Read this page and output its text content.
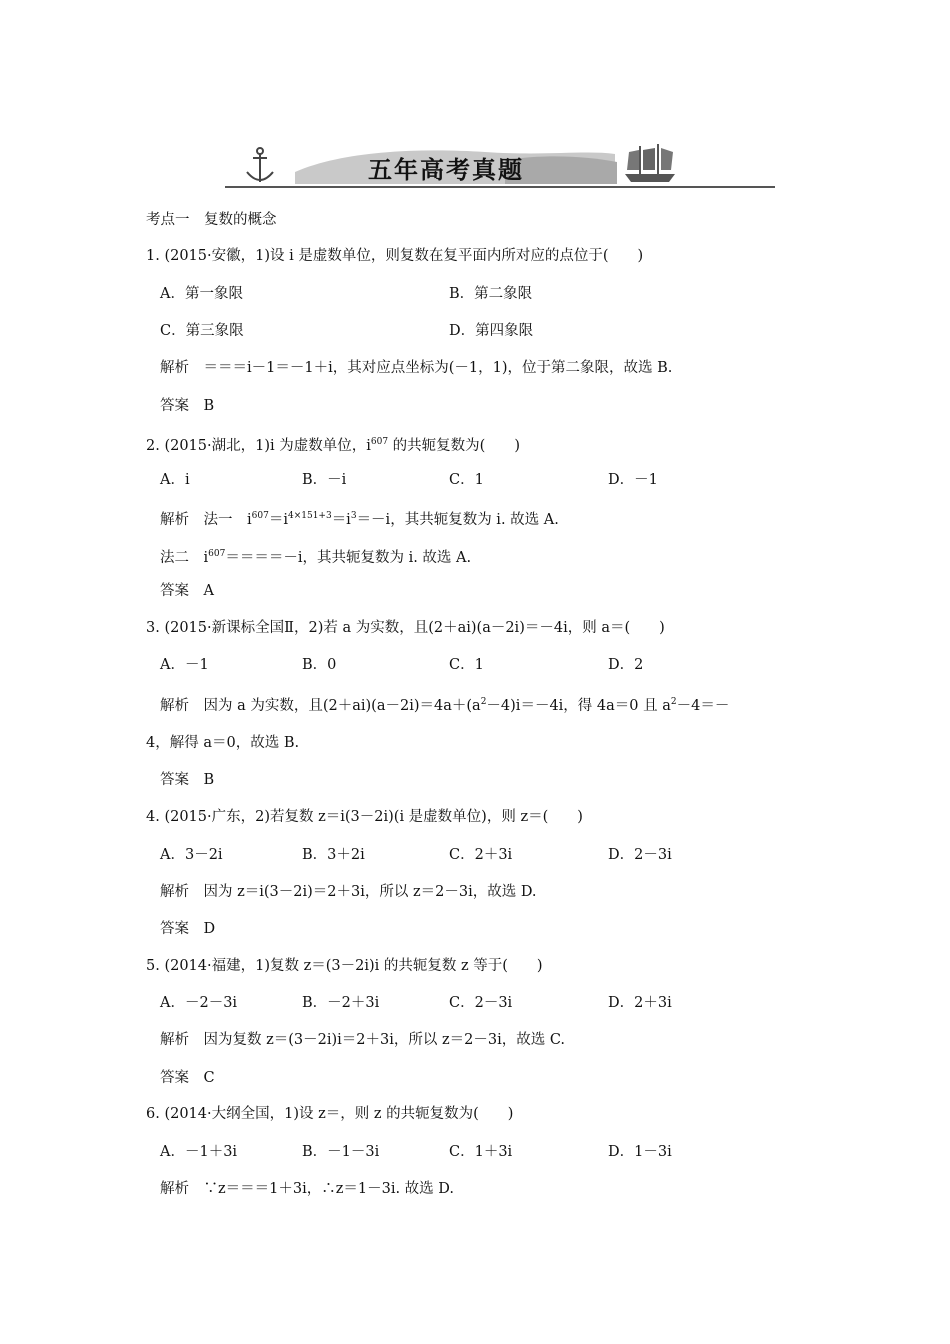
五年高考真题
考点一　复数的概念
1. (2015·安徽，1)设 i 是虚数单位，则复数在复平面内所对应的点位于(　　)
A．第一象限	B．第二象限
C．第三象限	D．第四象限
解析　＝＝＝i－1＝－1＋i，其对应点坐标为(－1，1)，位于第二象限，故选 B.
答案　B
2. (2015·湖北，1)i 为虚数单位，$i^{607}$ 的共轭复数为(　　)
A．i	B．－i	C．1	D．－1
解析　法一　$i^{607}=i^{4\times 151+3}=i^3=-i$，其共轭复数为 i. 故选 A.
法二　$i^{607}====-i$，其共轭复数为 i. 故选 A.
答案　A
3. (2015·新课标全国Ⅱ，2)若 a 为实数，且(2＋ai)(a－2i)＝－4i，则 a＝(　　)
A．－1	B．0	C．1	D．2
解析　因为 a 为实数，且$(2+ai)(a-2i)=4a+(a^2-4)i=-4i$，得 4a＝0 且 $a^2-4=-$
4，解得 a＝0，故选 B.
答案　B
4. (2015·广东，2)若复数 z＝i(3－2i)(i 是虚数单位)，则 z＝(　　)
A．3－2i	B．3＋2i	C．2＋3i	D．2－3i
解析　因为 z＝i(3－2i)＝2＋3i，所以 z＝2－3i，故选 D.
答案　D
5. (2014·福建，1)复数 z＝(3－2i)i 的共轭复数 z 等于(　　)
A．－2－3i	B．－2＋3i	C．2－3i	D．2＋3i
解析　因为复数 z＝(3－2i)i＝2＋3i，所以 z＝2－3i，故选 C.
答案　C
6. (2014·大纲全国，1)设 z＝，则 z 的共轭复数为(　　)
A．－1＋3i	B．－1－3i	C．1＋3i	D．1－3i
解析　∵z＝＝＝1＋3i，∴z＝1－3i. 故选 D.
